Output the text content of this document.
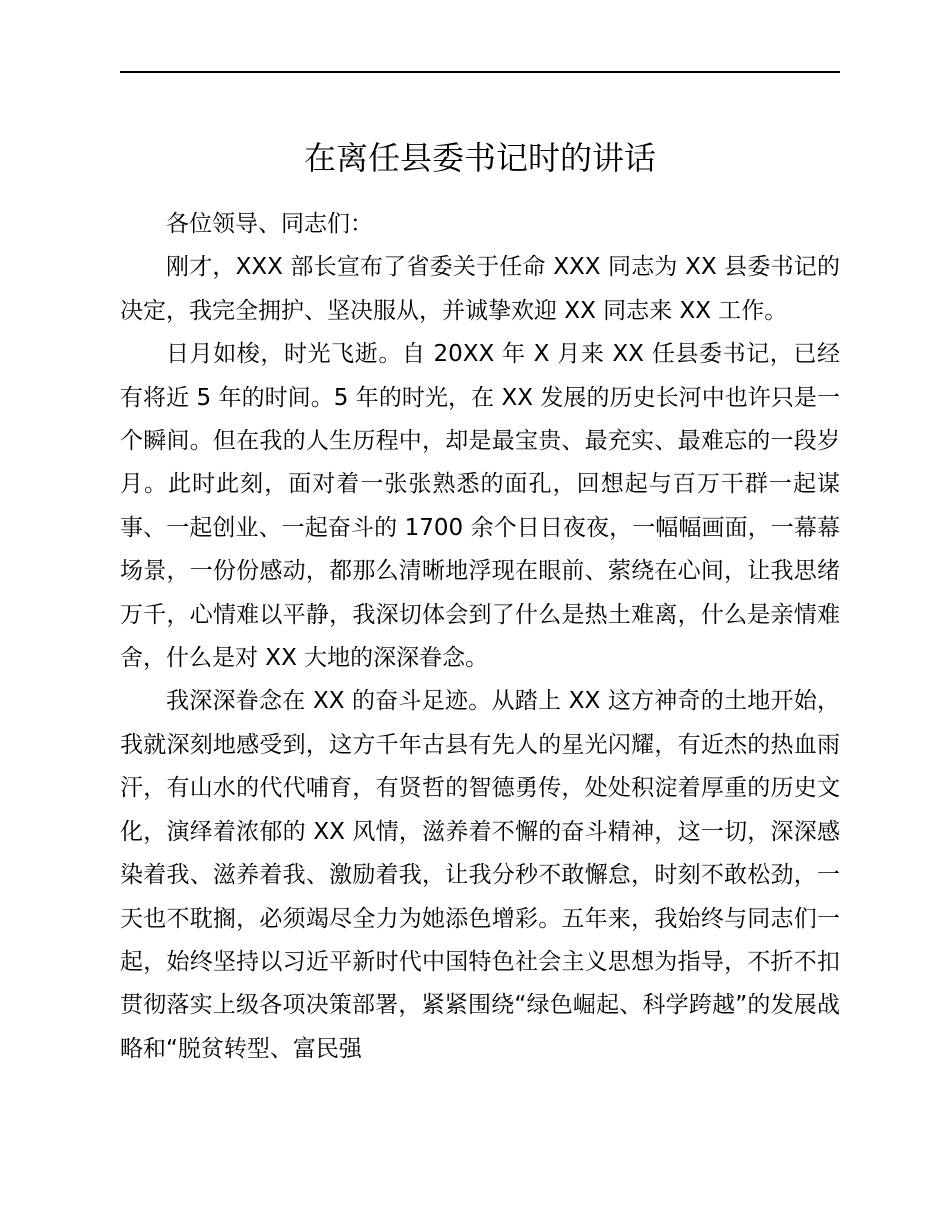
在离任县委书记时的讲话

各位领导、同志们：

刚才，XXX 部长宣布了省委关于任命 XXX 同志为 XX 县委书记的决定，我完全拥护、坚决服从，并诚挚欢迎 XX 同志来 XX 工作。

日月如梭，时光飞逝。自 20XX 年 X 月来 XX 任县委书记，已经有将近 5 年的时间。5 年的时光，在 XX 发展的历史长河中也许只是一个瞬间。但在我的人生历程中，却是最宝贵、最充实、最难忘的一段岁月。此时此刻，面对着一张张熟悉的面孔，回想起与百万干群一起谋事、一起创业、一起奋斗的 1700 余个日日夜夜，一幅幅画面，一幕幕场景，一份份感动，都那么清晰地浮现在眼前、萦绕在心间，让我思绪万千，心情难以平静，我深切体会到了什么是热土难离，什么是亲情难舍，什么是对 XX 大地的深深眷念。

我深深眷念在 XX 的奋斗足迹。从踏上 XX 这方神奇的土地开始，我就深刻地感受到，这方千年古县有先人的星光闪耀，有近杰的热血雨汗，有山水的代代哺育，有贤哲的智德勇传，处处积淀着厚重的历史文化，演绎着浓郁的 XX 风情，滋养着不懈的奋斗精神，这一切，深深感染着我、滋养着我、激励着我，让我分秒不敢懈怠，时刻不敢松劲，一天也不耽搁，必须竭尽全力为她添色增彩。五年来，我始终与同志们一起，始终坚持以习近平新时代中国特色社会主义思想为指导，不折不扣贯彻落实上级各项决策部署，紧紧围绕“绿色崛起、科学跨越”的发展战略和“脱贫转型、富民强
